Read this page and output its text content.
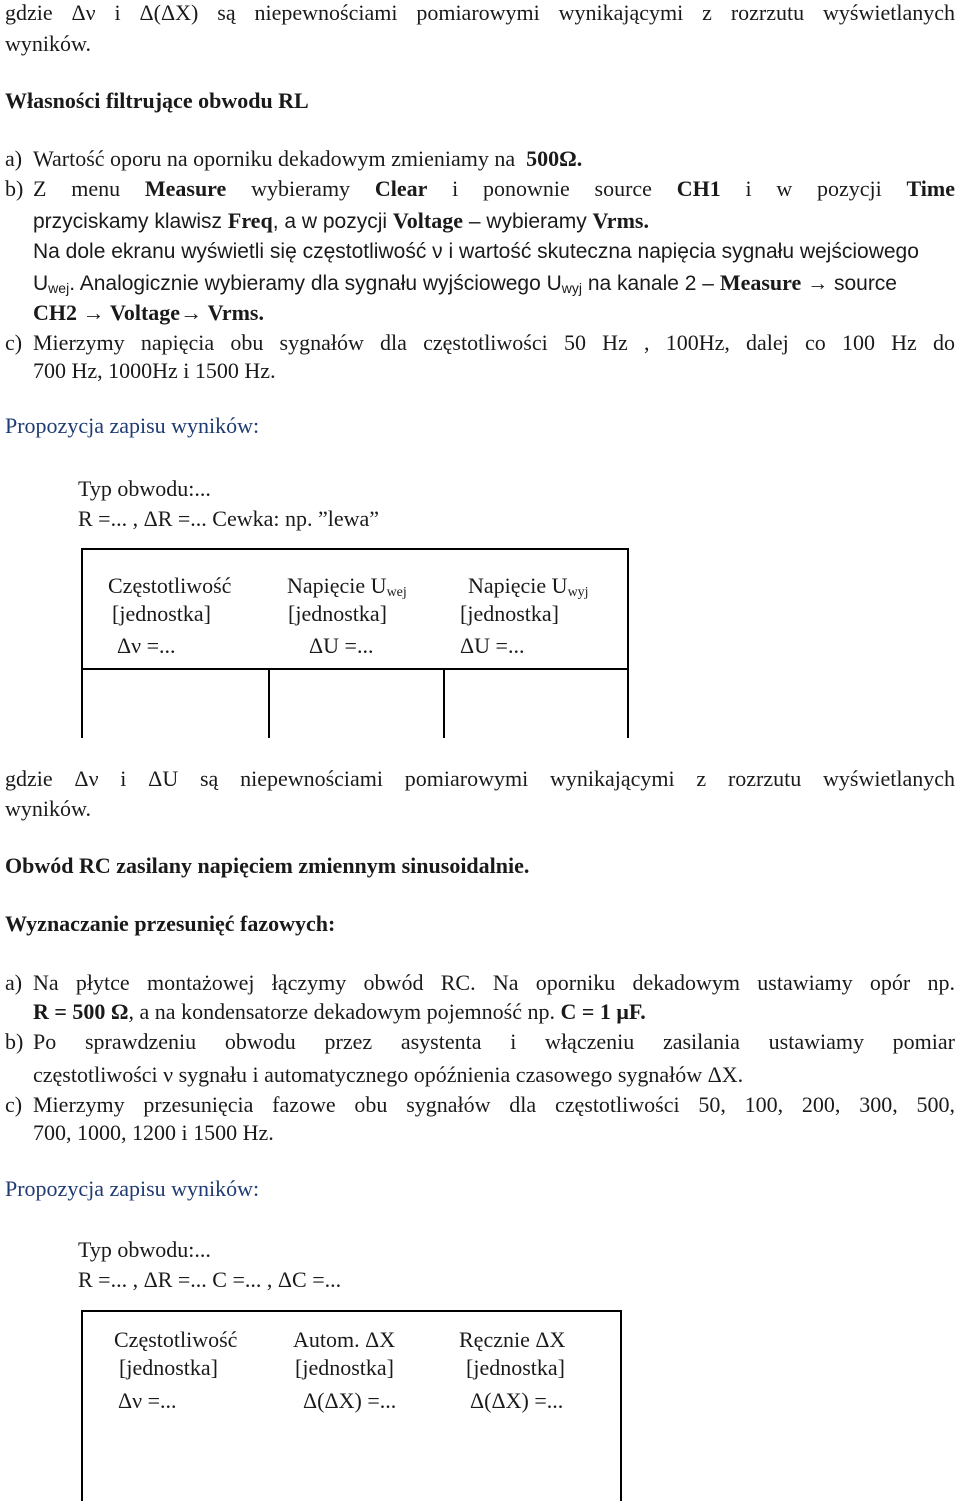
gdzie Δν i Δ(ΔX) są niepewnościami pomiarowymi wynikającymi z rozrzutu wyświetlanych
wyników.
Własności filtrujące obwodu RL
a) Wartość oporu na oporniku dekadowym zmieniamy na 500Ω.
b) Z menu Measure wybieramy Clear i ponownie source CH1 i w pozycji Time
przyciskamy klawisz Freq, a w pozycji Voltage – wybieramy Vrms.
Na dole ekranu wyświetli się częstotliwość ν i wartość skuteczna napięcia sygnału wejściowego $U_{wej}$. Analogicznie wybieramy dla sygnału wyjściowego $U_{wyj}$ na kanale 2 – Measure → source
CH2 → Voltage→ Vrms.
c) Mierzymy napięcia obu sygnałów dla częstotliwości 50 Hz , 100Hz, dalej co 100 Hz do
700 Hz, 1000Hz i 1500 Hz.
Propozycja zapisu wyników:
Typ obwodu:...
R =... , ΔR =... Cewka: np. ”lewa”
Częstotliwość
[jednostka]
Δν =...
Napięcie $U_{wej}$
[jednostka]
ΔU =...
Napięcie $U_{wyj}$
[jednostka]
ΔU =...
gdzie Δν i ΔU są niepewnościami pomiarowymi wynikającymi z rozrzutu wyświetlanych
wyników.
Obwód RC zasilany napięciem zmiennym sinusoidalnie.
Wyznaczanie przesunięć fazowych:
a) Na płytce montażowej łączymy obwód RC. Na oporniku dekadowym ustawiamy opór np.
R = 500 Ω, a na kondensatorze dekadowym pojemność np. C = 1 μF.
b) Po sprawdzeniu obwodu przez asystenta i włączeniu zasilania ustawiamy pomiar
częstotliwości ν sygnału i automatycznego opóźnienia czasowego sygnałów ΔX.
c) Mierzymy przesunięcia fazowe obu sygnałów dla częstotliwości 50, 100, 200, 300, 500,
700, 1000, 1200 i 1500 Hz.
Propozycja zapisu wyników:
Typ obwodu:...
R =... , ΔR =... C =... , ΔC =...
Częstotliwość
[jednostka]
Δν =...
Autom. ΔX
[jednostka]
Δ(ΔX) =...
Ręcznie ΔX
[jednostka]
Δ(ΔX) =...
